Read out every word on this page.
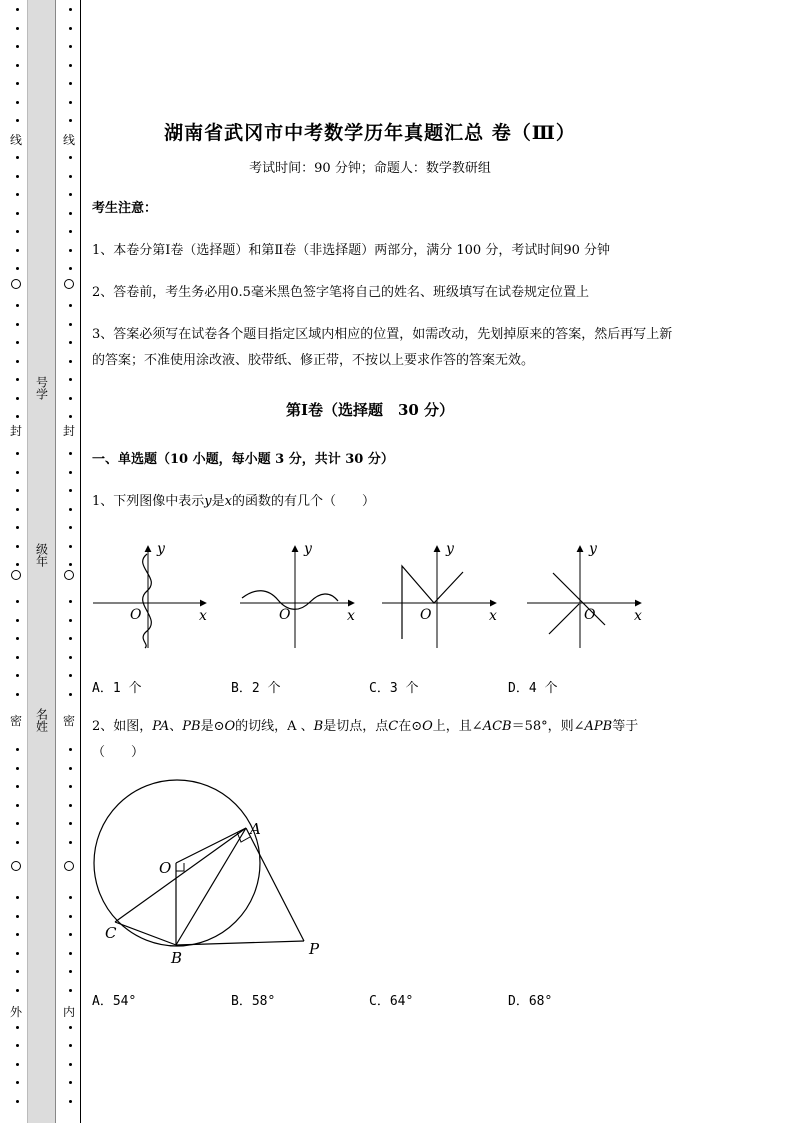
线
封
密
外
线
封
密
内
号学
级年
名姓
湖南省武冈市中考数学历年真题汇总 卷（Ⅲ）
考试时间：90 分钟；命题人：数学教研组
考生注意：
1、本卷分第Ⅰ卷（选择题）和第Ⅱ卷（非选择题）两部分，满分 100 分，考试时间90 分钟
2、答卷前，考生务必用0.5毫米黑色签字笔将自己的姓名、班级填写在试卷规定位置上
3、答案必须写在试卷各个题目指定区域内相应的位置，如需改动，先划掉原来的答案，然后再写上新
的答案；不准使用涂改液、胶带纸、修正带，不按以上要求作答的答案无效。
第Ⅰ卷（选择题　30 分）
一、单选题（10 小题，每小题 3 分，共计 30 分）
1、下列图像中表示y是x的函数的有几个（　　）
y
O	x
y
O	x
y
O	x
y
O	x
A．1 个	B．2 个	C．3 个	D．4 个
2、如图，PA、PB是⊙O的切线，A 、B是切点，点C在⊙O上，且∠ACB＝58°，则∠APB等于
（　　）
A
O
C
B	P
A．54°	B．58°	C．64°	D．68°
